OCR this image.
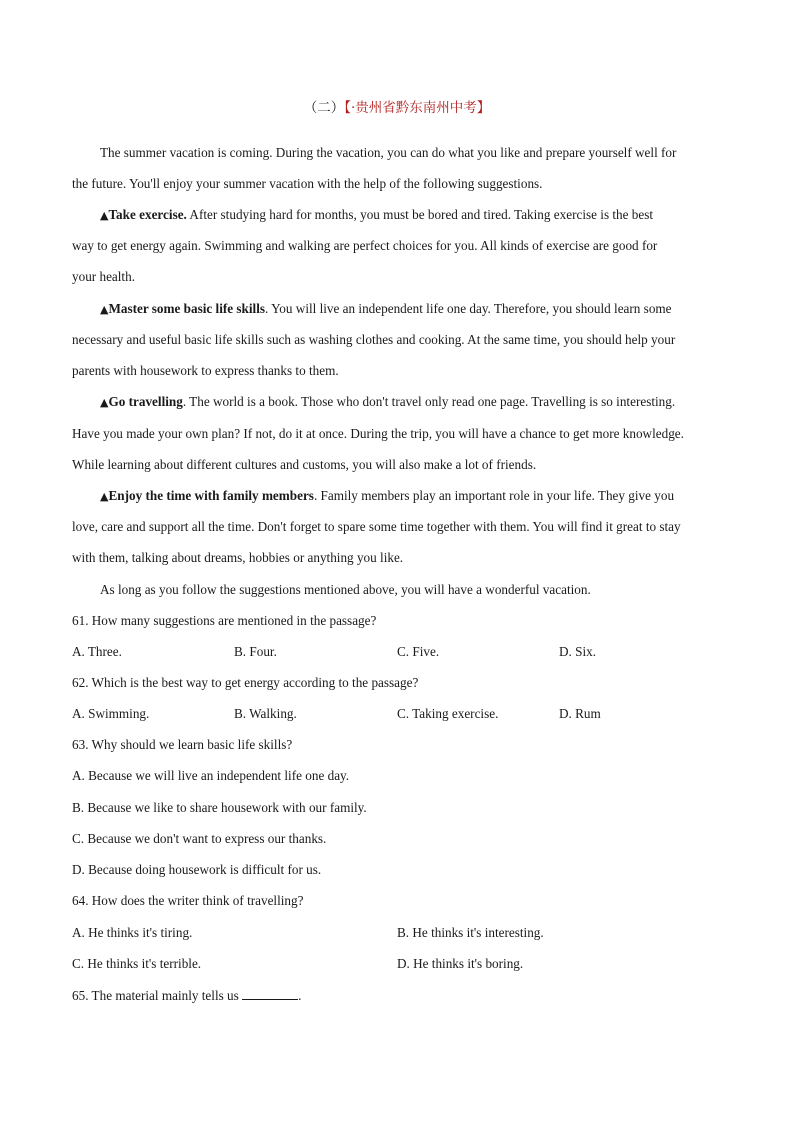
（二）【·贵州省黔东南州中考】
The summer vacation is coming. During the vacation, you can do what you like and prepare yourself well for
the future. You'll enjoy your summer vacation with the help of the following suggestions.
▲Take exercise. After studying hard for months, you must be bored and tired. Taking exercise is the best
way to get energy again. Swimming and walking are perfect choices for you. All kinds of exercise are good for
your health.
▲Master some basic life skills. You will live an independent life one day. Therefore, you should learn some
necessary and useful basic life skills such as washing clothes and cooking. At the same time, you should help your
parents with housework to express thanks to them.
▲Go travelling. The world is a book. Those who don't travel only read one page. Travelling is so interesting.
Have you made your own plan? If not, do it at once. During the trip, you will have a chance to get more knowledge.
While learning about different cultures and customs, you will also make a lot of friends.
▲Enjoy the time with family members. Family members play an important role in your life. They give you
love, care and support all the time. Don't forget to spare some time together with them. You will find it great to stay
with them, talking about dreams, hobbies or anything you like.
As long as you follow the suggestions mentioned above, you will have a wonderful vacation.
61. How many suggestions are mentioned in the passage?
A. Three.	B. Four.	C. Five.	D. Six.
62. Which is the best way to get energy according to the passage?
A. Swimming.	B. Walking.	C. Taking exercise.	D. Rum
63. Why should we learn basic life skills?
A. Because we will live an independent life one day.
B. Because we like to share housework with our family.
C. Because we don't want to express our thanks.
D. Because doing housework is difficult for us.
64. How does the writer think of travelling?
A. He thinks it's tiring.	B. He thinks it's interesting.
C. He thinks it's terrible.	D. He thinks it's boring.
65. The material mainly tells us	.
